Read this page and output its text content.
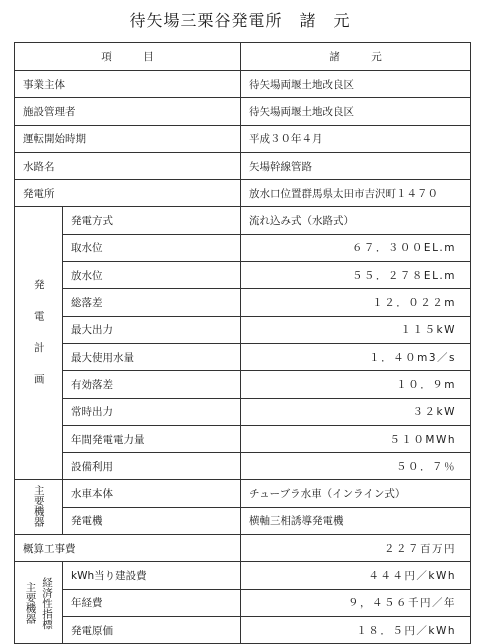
待矢場三栗谷発電所　諸　元
項　　　目		諸　　　元
事業主体		待矢場両堰土地改良区
施設管理者		待矢場両堰土地改良区
運転開始時期		平成３０年４月
水路名		矢場幹線管路
発電所		放水口位置群馬県太田市吉沢町１４７０
発電計画	発電方式	流れ込み式（水路式）
	取水位	６７．３００EL.m
	放水位	５５．２７８EL.m
	総落差	１２．０２２m
	最大出力	１１５kW
	最大使用水量	１．４０m3／s
	有効落差	１０．９m
	常時出力	３２kW
	年間発電電力量	５１０MWh
	設備利用	５０．７％
主要機器	水車本体	チューブラ水車（インライン式）
	発電機	横軸三相誘導発電機
概算工事費		２２７百万円

経済性指標
主要機器	kWh当り建設費	４４４円／kWh
	年経費	９，４５６千円／年
	発電原価	１８．５円／kWh
